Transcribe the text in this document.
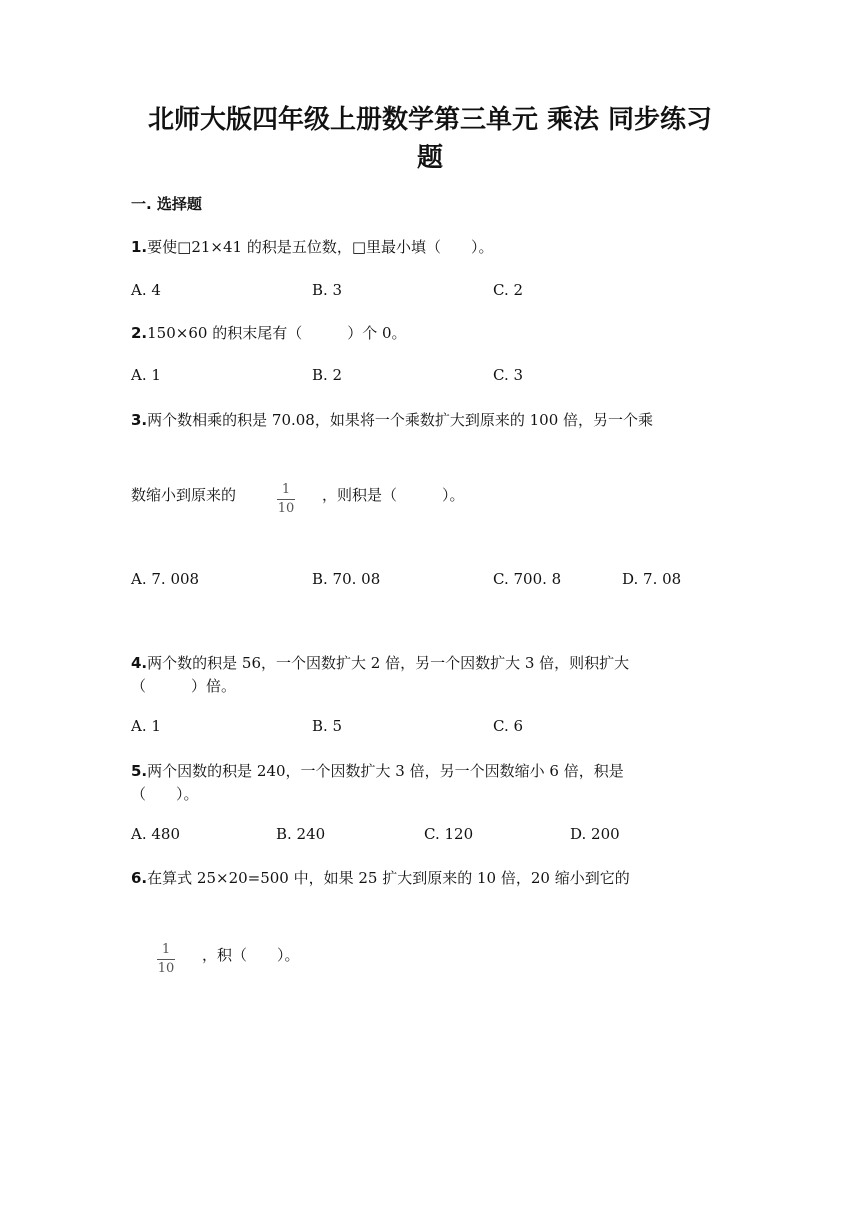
北师大版四年级上册数学第三单元 乘法 同步练习
题
一. 选择题
1.要使□21×41 的积是五位数，□里最小填（　　）。
A. 4	B. 3	C. 2
2.150×60 的积末尾有（　　　）个 0。
A. 1	B. 2	C. 3
3.两个数相乘的积是 70.08，如果将一个乘数扩大到原来的 100 倍，另一个乘
数缩小到原来的	$\frac{1}{10}$ ，则积是（　　　）。
A. 7. 008	B. 70. 08	C. 700. 8	D. 7. 08
4.两个数的积是 56，一个因数扩大 2 倍，另一个因数扩大 3 倍，则积扩大
（　　　）倍。
A. 1	B. 5	C. 6
5.两个因数的积是 240，一个因数扩大 3 倍，另一个因数缩小 6 倍，积是
（　　）。
A. 480	B. 240	C. 120	D. 200
6.在算式 25×20=500 中，如果 25 扩大到原来的 10 倍，20 缩小到它的
$\frac{1}{10}$ ，积（　　）。
